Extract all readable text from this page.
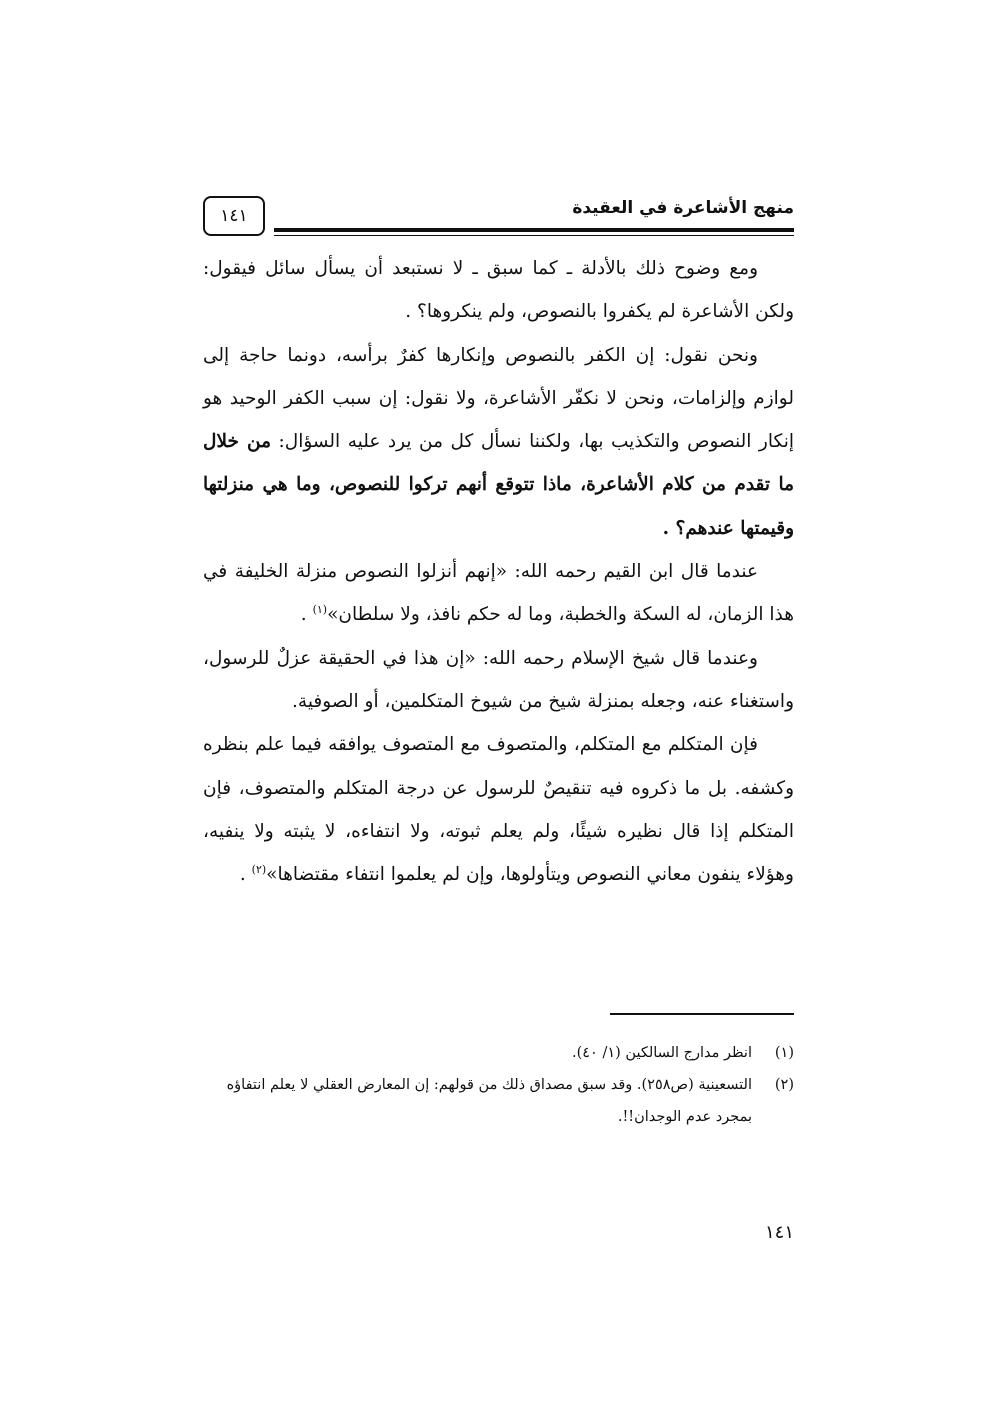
١٤١	منهج الأشاعرة في العقيدة

ومع وضوح ذلك بالأدلة ـ كما سبق ـ لا نستبعد أن يسأل سائل فيقول: ولكن الأشاعرة لم يكفروا بالنصوص، ولم ينكروها؟ .

ونحن نقول: إن الكفر بالنصوص وإنكارها كفرٌ برأسه، دونما حاجة إلى لوازم وإلزامات، ونحن لا نكفّر الأشاعرة، ولا نقول: إن سبب الكفر الوحيد هو إنكار النصوص والتكذيب بها، ولكننا نسأل كل من يرد عليه السؤال: من خلال ما تقدم من كلام الأشاعرة، ماذا تتوقع أنهم تركوا للنصوص، وما هي منزلتها وقيمتها عندهم؟ .

عندما قال ابن القيم رحمه الله: «إنهم أنزلوا النصوص منزلة الخليفة في هذا الزمان، له السكة والخطبة، وما له حكم نافذ، ولا سلطان»$^{(١)}$ .

وعندما قال شيخ الإسلام رحمه الله: «إن هذا في الحقيقة عزلٌ للرسول، واستغناء عنه، وجعله بمنزلة شيخ من شيوخ المتكلمين، أو الصوفية.

فإن المتكلم مع المتكلم، والمتصوف مع المتصوف يوافقه فيما علم بنظره وكشفه. بل ما ذكروه فيه تنقيصٌ للرسول عن درجة المتكلم والمتصوف، فإن المتكلم إذا قال نظيره شيئًا، ولم يعلم ثبوته، ولا انتفاءه، لا يثبته ولا ينفيه، وهؤلاء ينفون معاني النصوص ويتأولوها، وإن لم يعلموا انتفاء مقتضاها»$^{(٢)}$ .

(١)
انظر مدارج السالكين (١/ ٤٠).
(٢)
التسعينية (ص٢٥٨). وقد سبق مصداق ذلك من قولهم: إن المعارض العقلي لا يعلم انتفاؤه بمجرد عدم الوجدان!!.
١٤١
